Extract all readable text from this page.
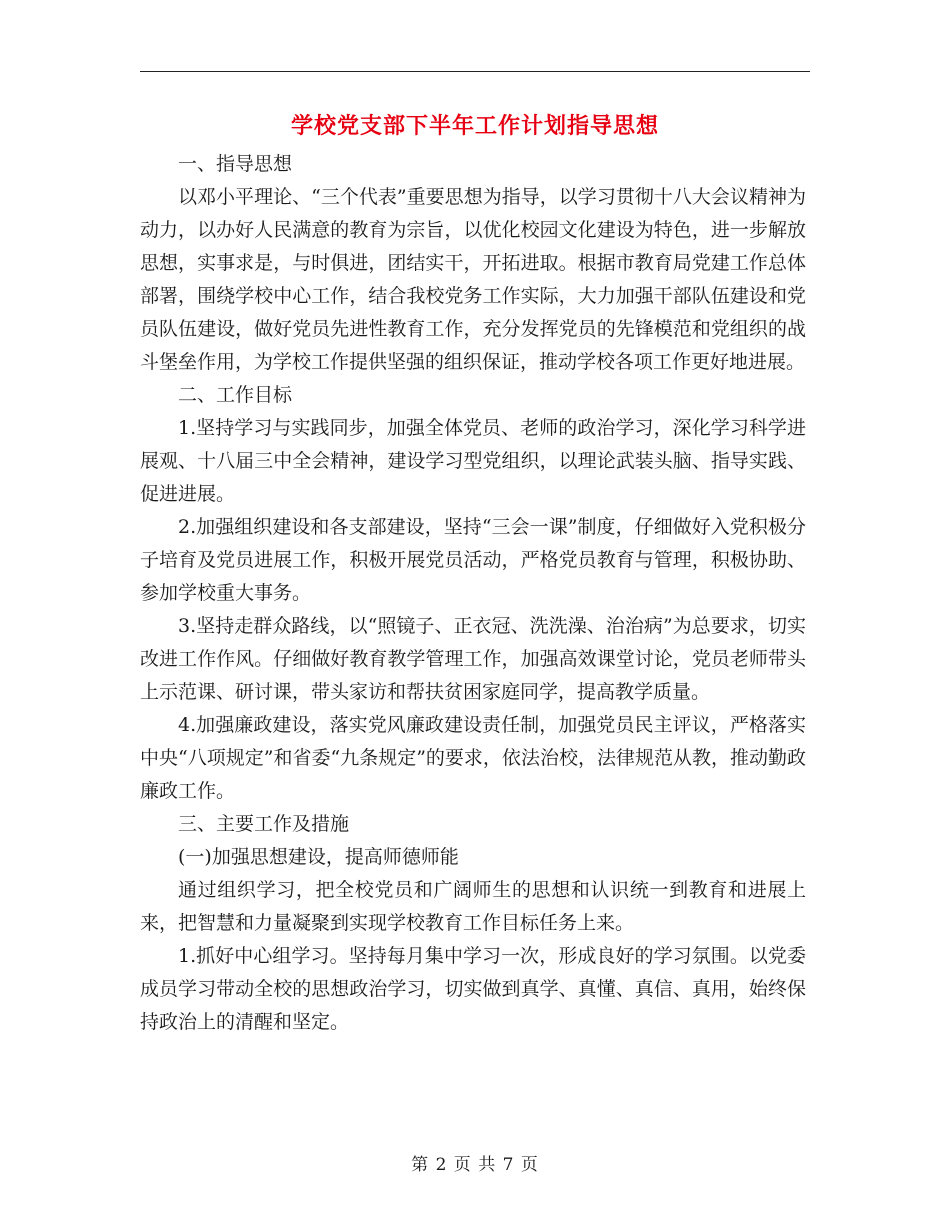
学校党支部下半年工作计划指导思想

一、指导思想

以邓小平理论、“三个代表”重要思想为指导，以学习贯彻十八大会议精神为动力，以办好人民满意的教育为宗旨，以优化校园文化建设为特色，进一步解放思想，实事求是，与时俱进，团结实干，开拓进取。根据市教育局党建工作总体部署，围绕学校中心工作，结合我校党务工作实际，大力加强干部队伍建设和党员队伍建设，做好党员先进性教育工作，充分发挥党员的先锋模范和党组织的战斗堡垒作用，为学校工作提供坚强的组织保证，推动学校各项工作更好地进展。

二、工作目标

1.坚持学习与实践同步，加强全体党员、老师的政治学习，深化学习科学进展观、十八届三中全会精神，建设学习型党组织，以理论武装头脑、指导实践、促进进展。

2.加强组织建设和各支部建设，坚持“三会一课”制度，仔细做好入党积极分子培育及党员进展工作，积极开展党员活动，严格党员教育与管理，积极协助、参加学校重大事务。

3.坚持走群众路线，以“照镜子、正衣冠、洗洗澡、治治病”为总要求，切实改进工作作风。仔细做好教育教学管理工作，加强高效课堂讨论，党员老师带头上示范课、研讨课，带头家访和帮扶贫困家庭同学，提高教学质量。

4.加强廉政建设，落实党风廉政建设责任制，加强党员民主评议，严格落实中央“八项规定”和省委“九条规定”的要求，依法治校，法律规范从教，推动勤政廉政工作。

三、主要工作及措施

(一)加强思想建设，提高师德师能

通过组织学习，把全校党员和广阔师生的思想和认识统一到教育和进展上来，把智慧和力量凝聚到实现学校教育工作目标任务上来。

1.抓好中心组学习。坚持每月集中学习一次，形成良好的学习氛围。以党委成员学习带动全校的思想政治学习，切实做到真学、真懂、真信、真用，始终保持政治上的清醒和坚定。

第 2 页 共 7 页
